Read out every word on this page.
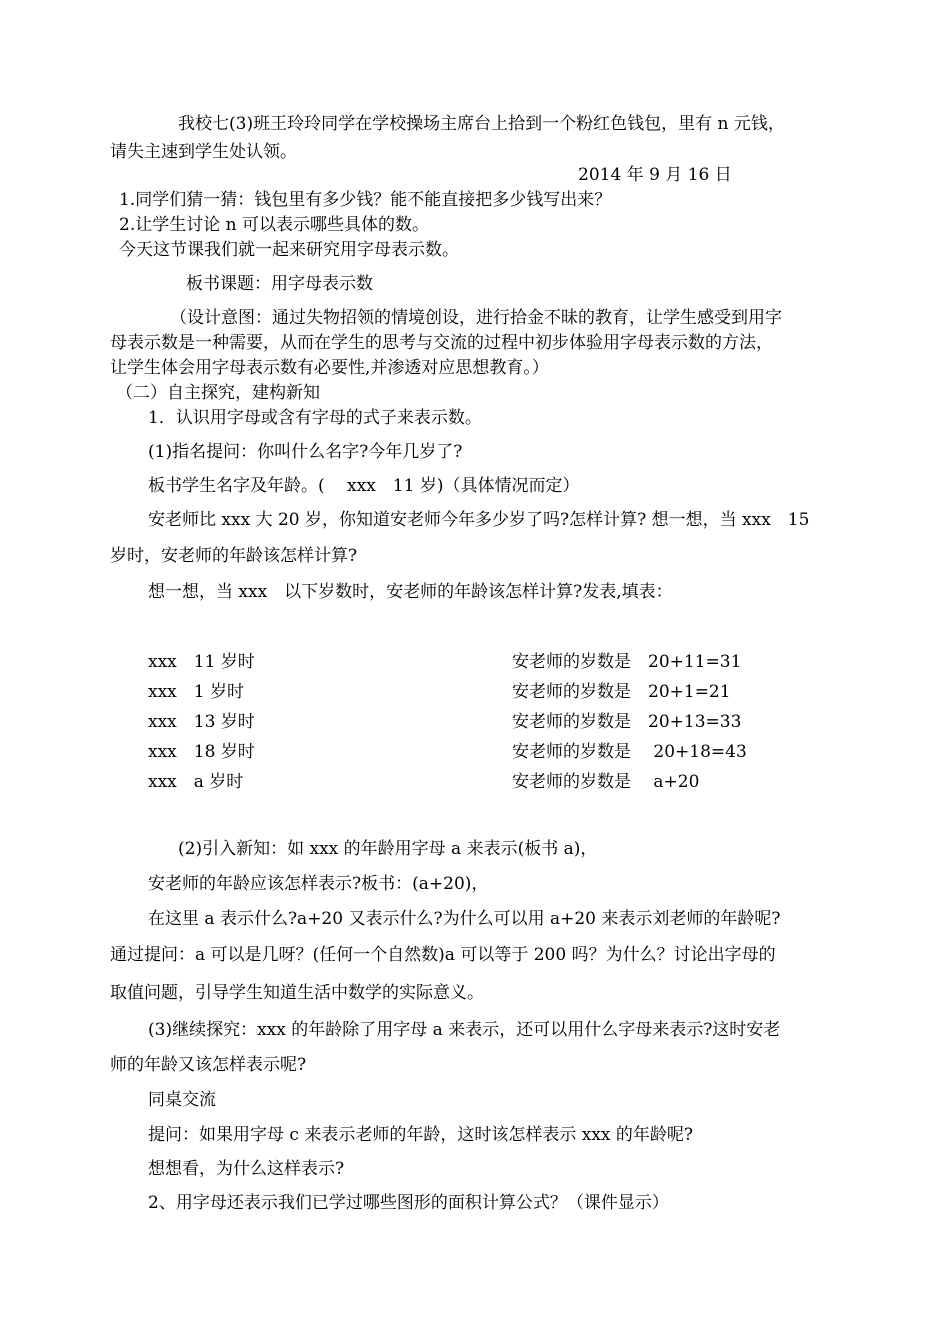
我校七(3)班王玲玲同学在学校操场主席台上拾到一个粉红色钱包，里有 n 元钱，
请失主速到学生处认领。
2014 年 9 月 16 日
1.同学们猜一猜：钱包里有多少钱？能不能直接把多少钱写出来？
2.让学生讨论 n 可以表示哪些具体的数。
今天这节课我们就一起来研究用字母表示数。
板书课题：用字母表示数
（设计意图：通过失物招领的情境创设，进行拾金不昧的教育，让学生感受到用字
母表示数是一种需要，从而在学生的思考与交流的过程中初步体验用字母表示数的方法，
让学生体会用字母表示数有必要性,并渗透对应思想教育。）
（二）自主探究，建构新知
1．认识用字母或含有字母的式子来表示数。
(1)指名提问：你叫什么名字?今年几岁了?
板书学生名字及年龄。(　 xxx　11 岁)（具体情况而定）
安老师比 xxx 大 20 岁，你知道安老师今年多少岁了吗?怎样计算? 想一想，当 xxx　15
岁时，安老师的年龄该怎样计算?
想一想，当 xxx　以下岁数时，安老师的年龄该怎样计算?发表,填表：
xxx　11 岁时	安老师的岁数是　20+11=31
xxx　1 岁时	安老师的岁数是　20+1=21
xxx　13 岁时	安老师的岁数是　20+13=33
xxx　18 岁时	安老师的岁数是　 20+18=43
xxx　a 岁时	安老师的岁数是　 a+20
(2)引入新知：如 xxx 的年龄用字母 a 来表示(板书 a)，
安老师的年龄应该怎样表示?板书：(a+20)，
在这里 a 表示什么?a+20 又表示什么?为什么可以用 a+20 来表示刘老师的年龄呢?
通过提问：a 可以是几呀？(任何一个自然数)a 可以等于 200 吗？为什么？讨论出字母的
取值问题，引导学生知道生活中数学的实际意义。
(3)继续探究：xxx 的年龄除了用字母 a 来表示，还可以用什么字母来表示?这时安老
师的年龄又该怎样表示呢?
同桌交流
提问：如果用字母 c 来表示老师的年龄，这时该怎样表示 xxx 的年龄呢?
想想看，为什么这样表示?
2、用字母还表示我们已学过哪些图形的面积计算公式？（课件显示）
